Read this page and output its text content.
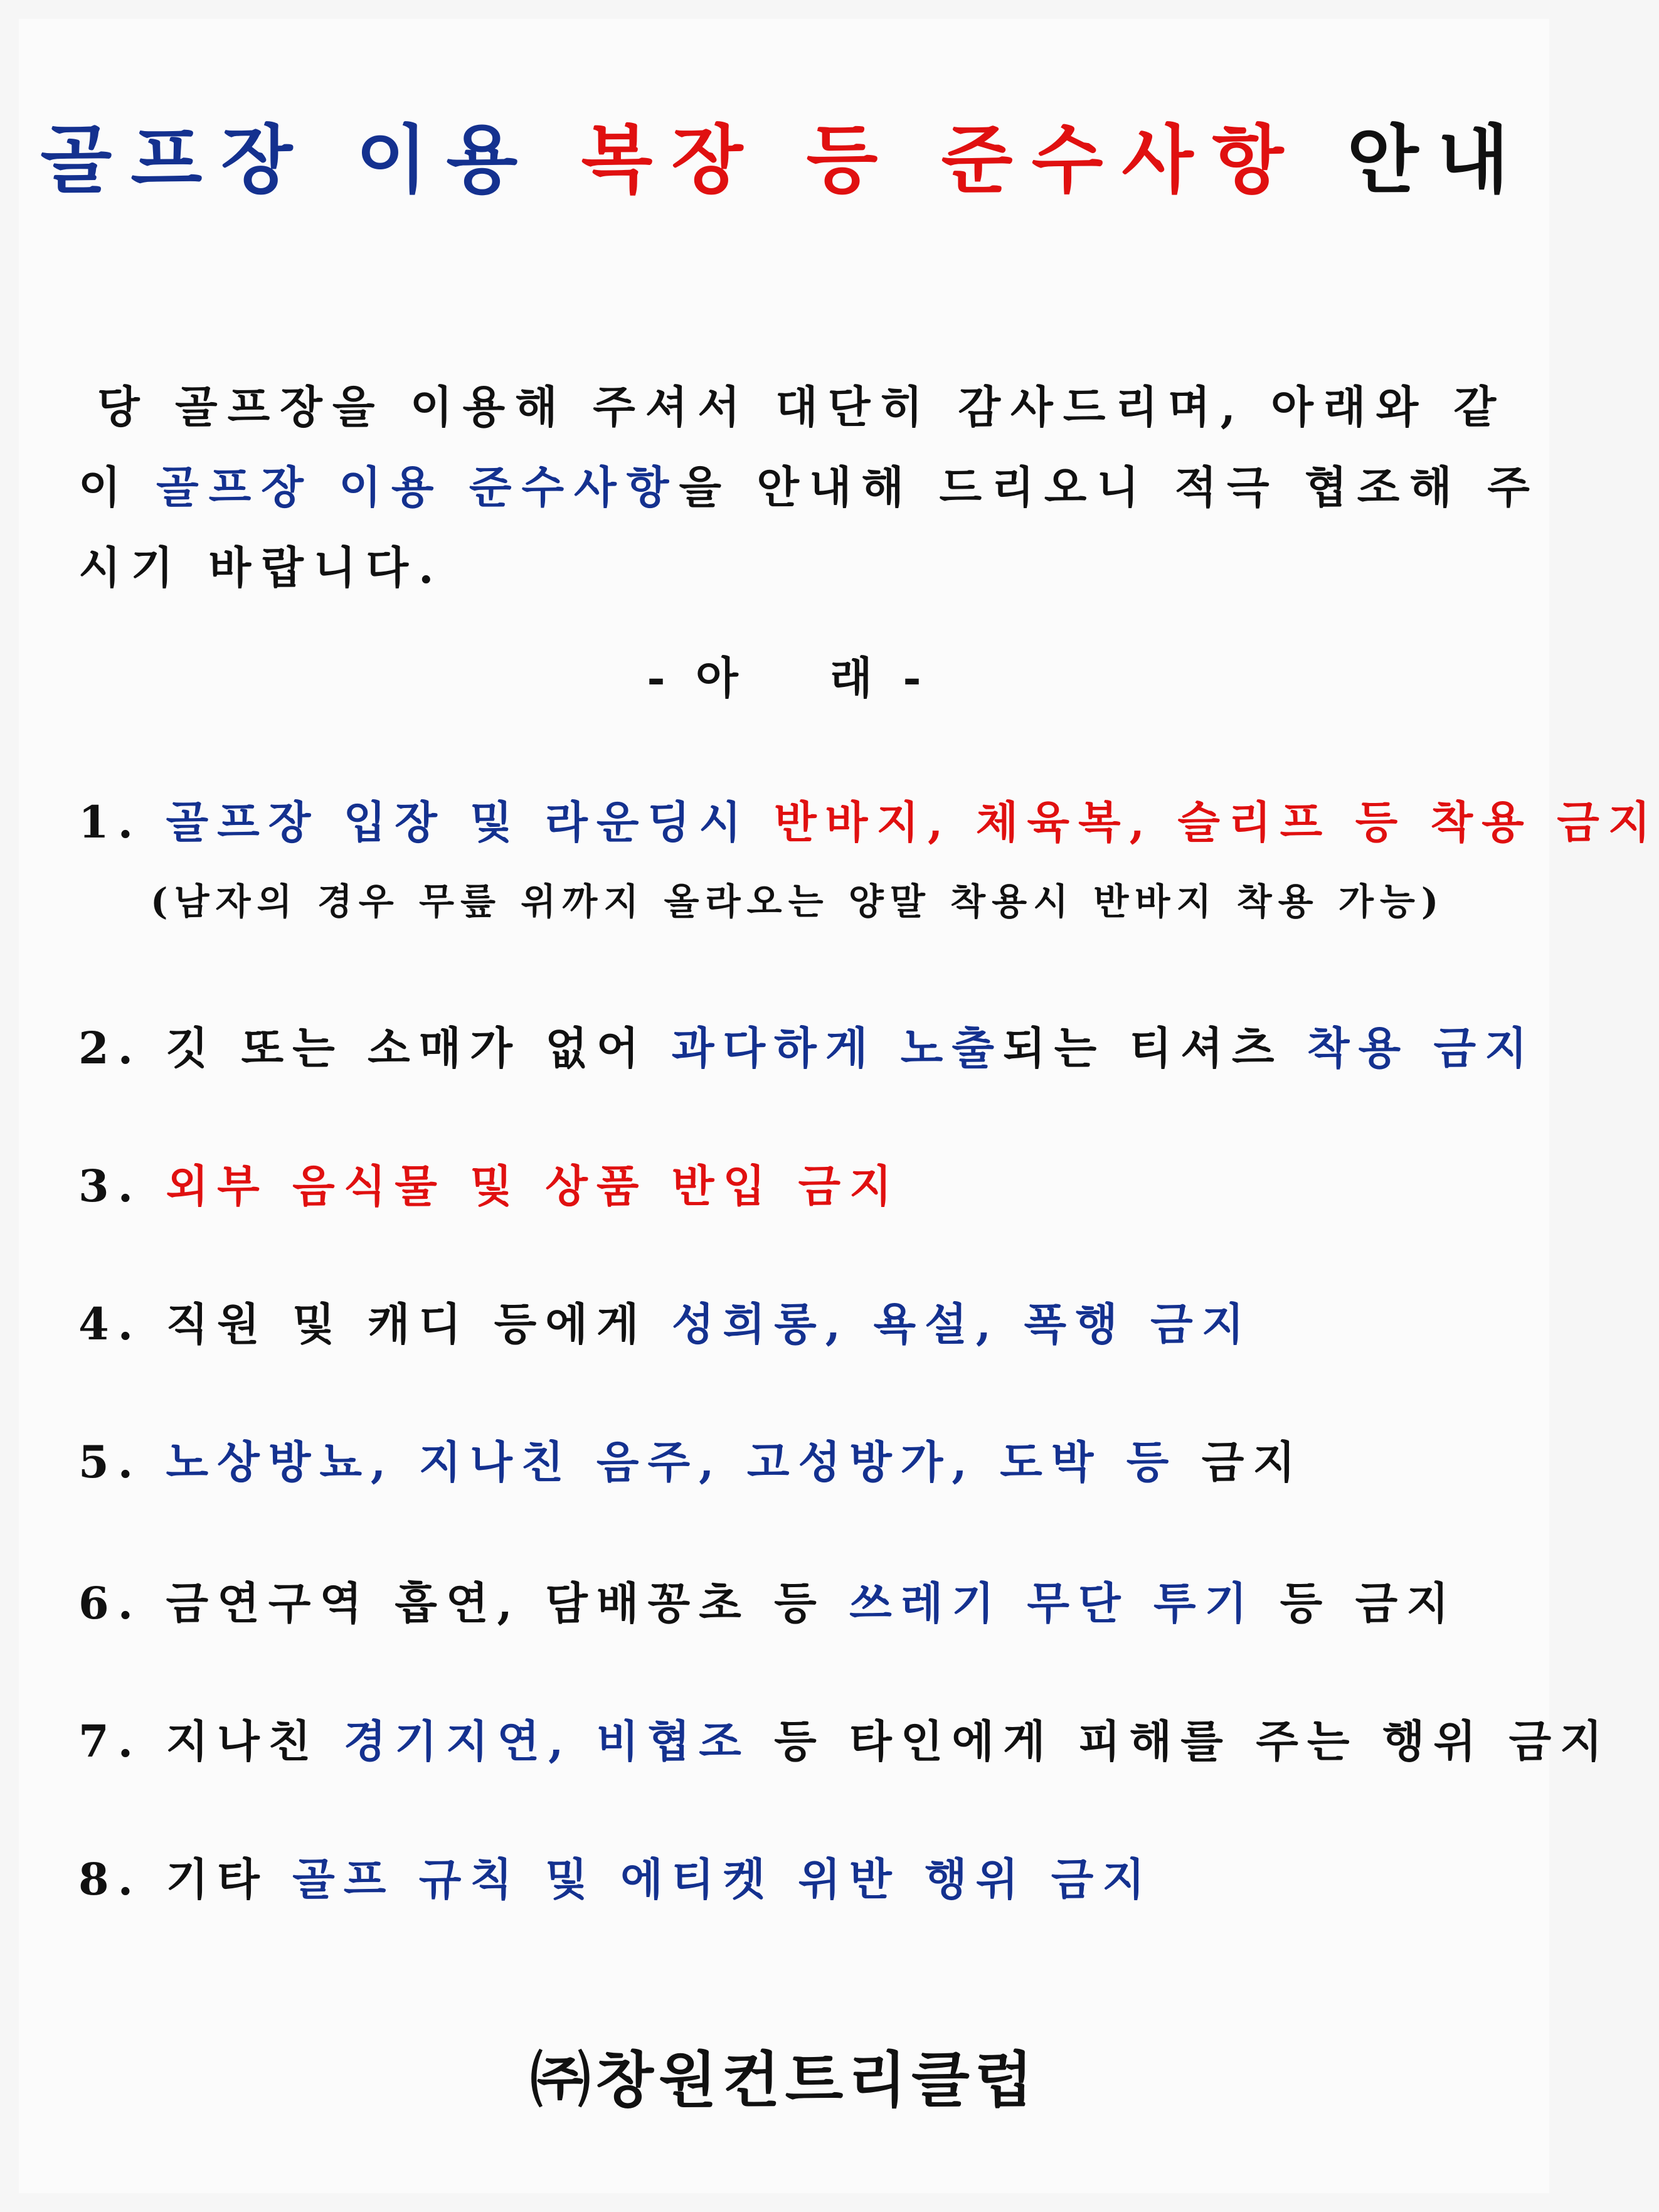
골프장 이용 복장 등 준수사항 안내
당 골프장을 이용해 주셔서 대단히 감사드리며, 아래와 같
이 골프장 이용 준수사항을 안내해 드리오니 적극 협조해 주
시기 바랍니다.
-  아      래  -
1. 골프장 입장 및 라운딩시 반바지, 체육복, 슬리프 등 착용 금지
(남자의 경우 무릎 위까지 올라오는 양말 착용시 반바지 착용 가능)
2. 깃 또는 소매가 없어 과다하게 노출되는 티셔츠 착용 금지
3. 외부 음식물 및 상품 반입 금지
4. 직원 및 캐디 등에게 성희롱, 욕설, 폭행 금지
5. 노상방뇨, 지나친 음주, 고성방가, 도박 등 금지
6. 금연구역 흡연, 담배꽁초 등 쓰레기 무단 투기 등 금지
7. 지나친 경기지연, 비협조 등 타인에게 피해를 주는 행위 금지
8. 기타 골프 규칙 및 에티켓 위반 행위 금지
㈜창원컨트리클럽
